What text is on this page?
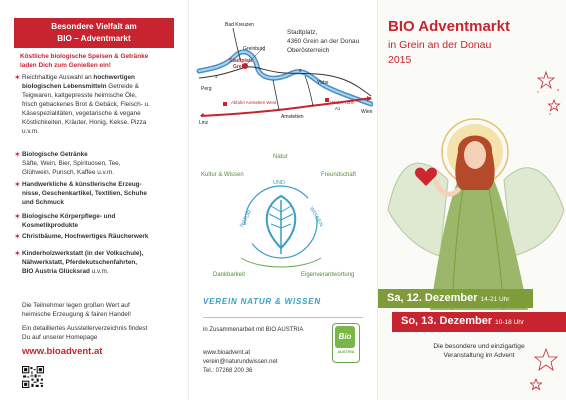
Besondere Vielfalt am
BIO – Adventmarkt
Köstliche biologische Speisen & Getränke
laden Dich zum Genießen ein!
✶ Reichhaltige Auswahl an hochwertigen
biologischen Lebensmitteln Getreide &
Teigwaren, kaltgepresste heimische Öle,
frisch gebackenes Brot & Gebäck, Fleisch- u.
Käsespezialitäten, vegetarische & vegane
Köstlichkeiten, Kräuter, Honig, Kekse, Pizza
u.v.m.
✶ Biologische Getränke
Säfte, Wein, Bier, Spirituosen, Tee,
Glühwein, Punsch, Kaffee u.v.m.
✶ Handwerkliche & künstlerische Erzeug-
nisse, Geschenkartikel, Textilien, Schuhe
und Schmuck
✶ Biologische Körperpflege- und
Kosmetikprodukte
✶ Christbäume, Hochwertiges Räucherwerk
✶ Kinderholzwerkstatt (in der Volkschule),
Nähwerkstatt, Pferdekutschenfahrten,
BIO Austria Glücksrad u.v.m.
Die Teilnehmer legen großen Wert auf
heimische Erzeugung & fairen Handel!
Ein detailliertes Ausstellerverzeichnis findest
Du auf unserer Homepage
www.bioadvent.at
Bad Kreuzen
Greinburg
Stadtplatz
Grein
Perg
Ybbs
Linz
Wien
Amstetten
Abfahrt Amstetten West	Abfahrt Ybbs
A1
3
3
Stadtplatz,
4360 Grein an der Donau
Oberösterreich
Natur
Kultur & Wissen	Freundschaft
Dankbarkeit	Eigenverantwortung
NATUR
UND
WISSEN
VEREIN NATUR & WISSEN
in Zusammenarbeit mit BIO AUSTRIA
www.bioadvent.at
verein@naturundwissen.net
Tel.: 07268 200 36
Bio
AUSTRIA
BIO Adventmarkt
in Grein an der Donau
2015
Sa, 12. Dezember 14-21 Uhr
So, 13. Dezember 10-18 Uhr
Die besondere und einzigartige
Veranstaltung im Advent
